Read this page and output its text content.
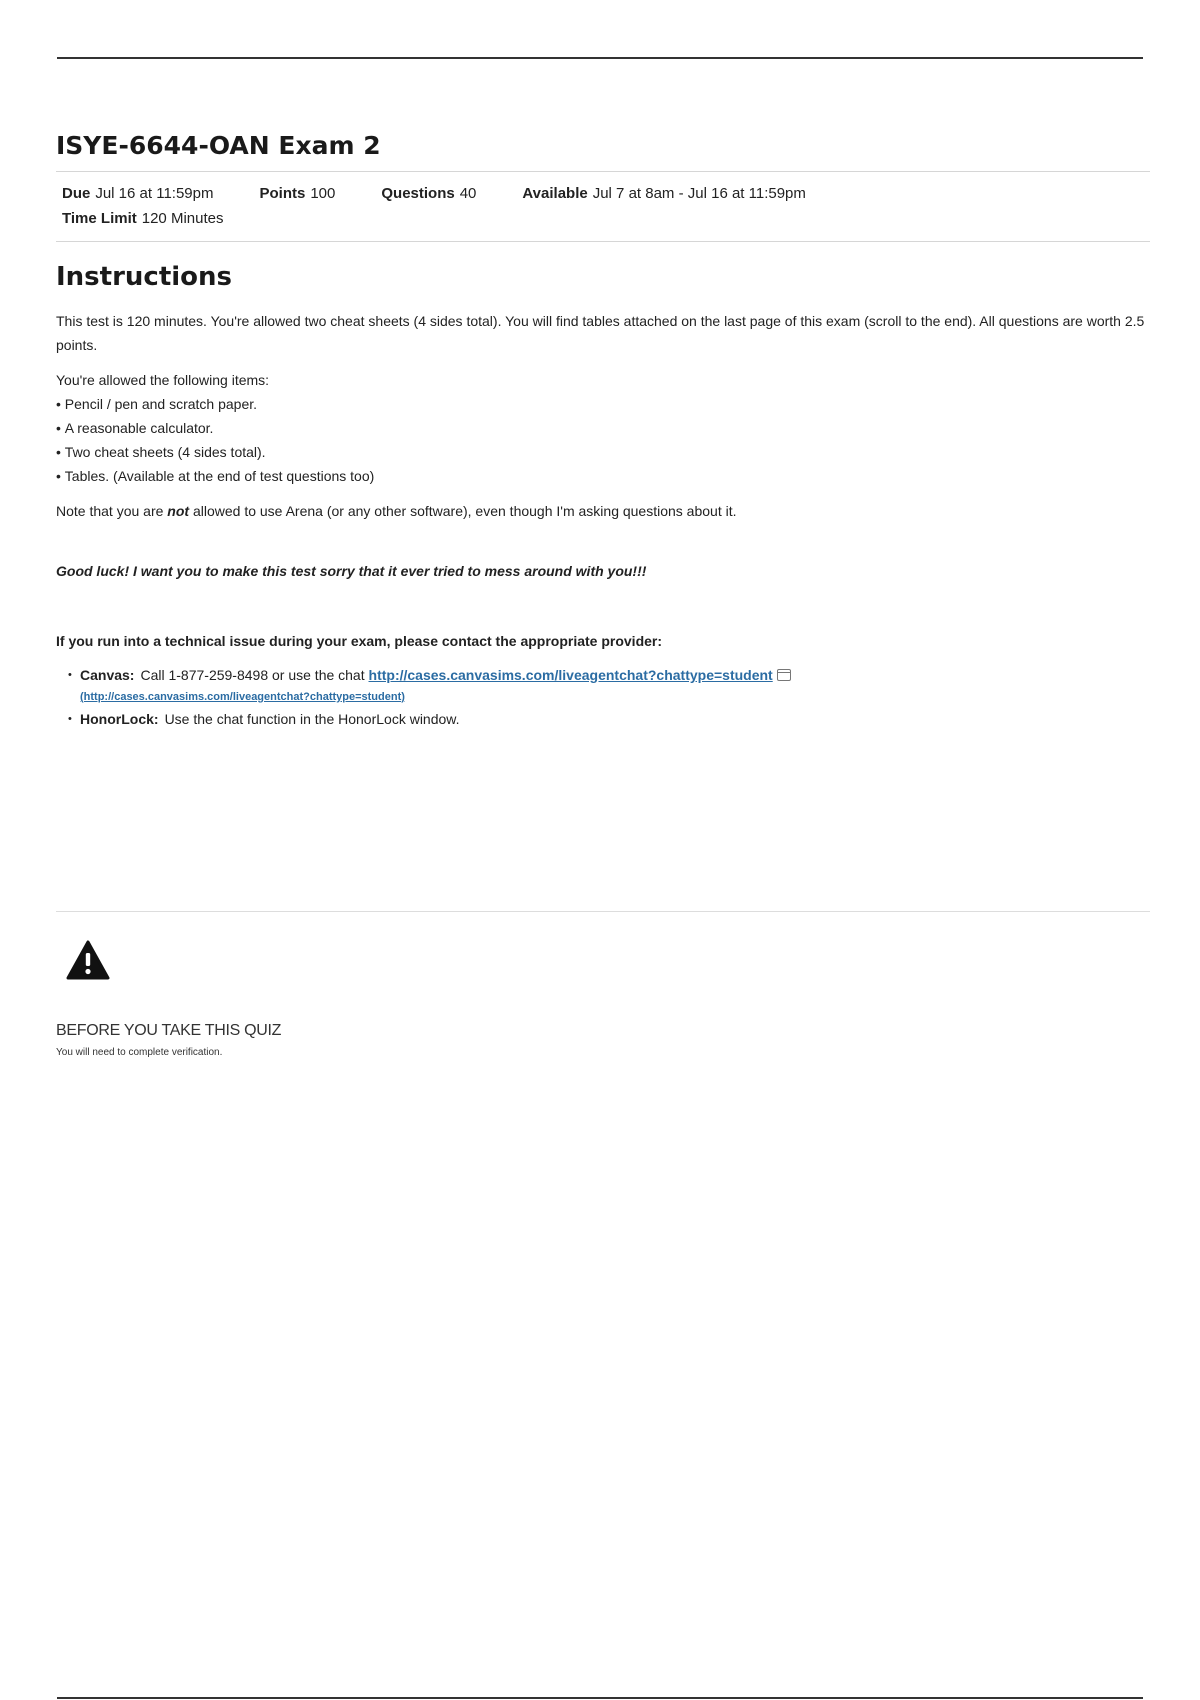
ISYE-6644-OAN Exam 2
Due Jul 16 at 11:59pm	Points 100	Questions 40	Available Jul 7 at 8am - Jul 16 at 11:59pm
Time Limit 120 Minutes
Instructions

This test is 120 minutes. You're allowed two cheat sheets (4 sides total). You will find tables attached on the last page of this exam (scroll to the end). All questions are worth 2.5 points.

You're allowed the following items:

• Pencil / pen and scratch paper.
• A reasonable calculator.
• Two cheat sheets (4 sides total).
• Tables. (Available at the end of test questions too)

Note that you are not allowed to use Arena (or any other software), even though I'm asking questions about it.

Good luck! I want you to make this test sorry that it ever tried to mess around with you!!!

If you run into a technical issue during your exam, please contact the appropriate provider:

• Canvas: Call 1-877-259-8498 or use the chat http://cases.canvasims.com/liveagentchat?chattype=student
(http://cases.canvasims.com/liveagentchat?chattype=student)
• HonorLock: Use the chat function in the HonorLock window.
BEFORE YOU TAKE THIS QUIZ
You will need to complete verification.
